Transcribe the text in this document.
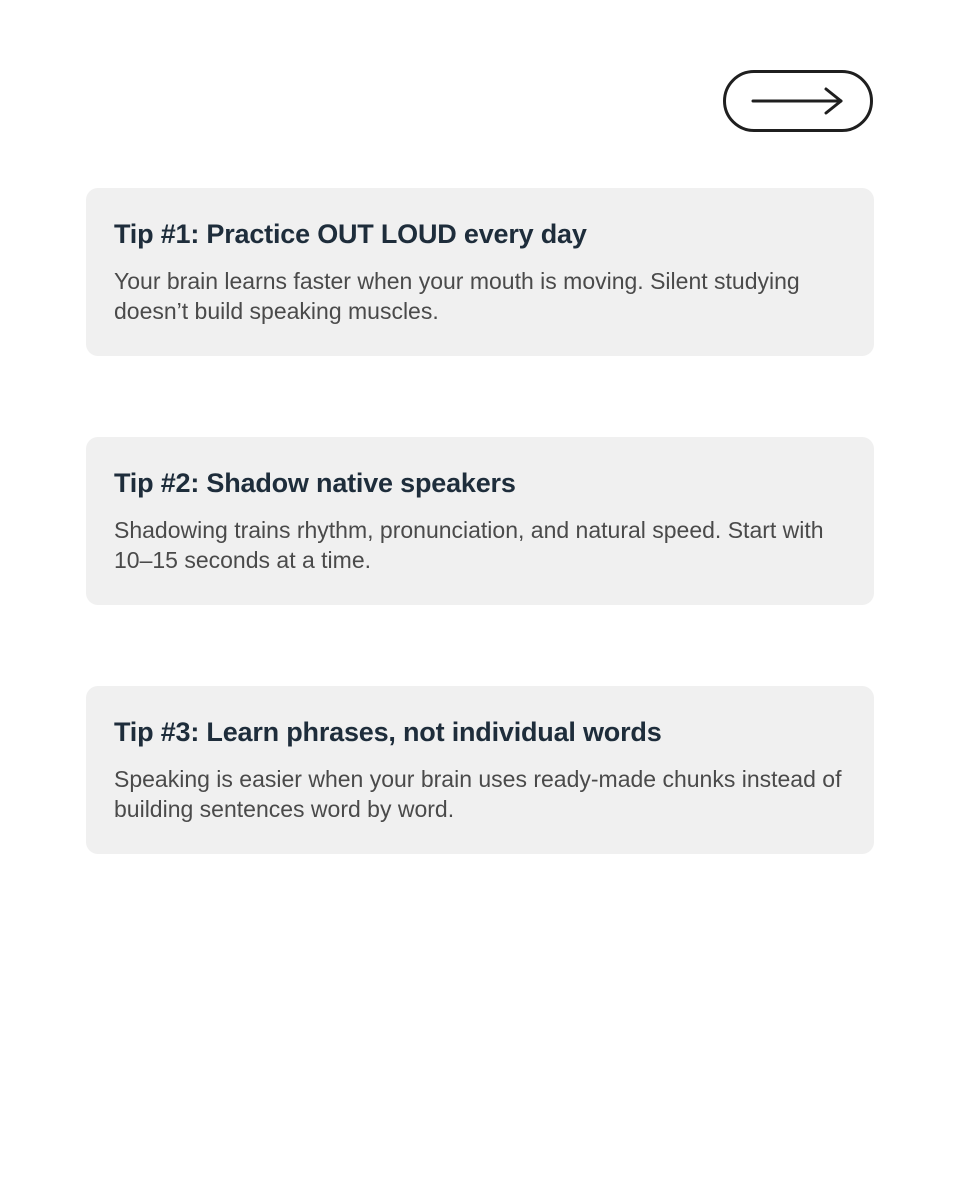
Tip #1: Practice OUT LOUD every day

Your brain learns faster when your mouth is moving. Silent studying doesn’t build speaking muscles.

Tip #2: Shadow native speakers

Shadowing trains rhythm, pronunciation, and natural speed. Start with 10–15 seconds at a time.

Tip #3: Learn phrases, not individual words

Speaking is easier when your brain uses ready-made chunks instead of building sentences word by word.
